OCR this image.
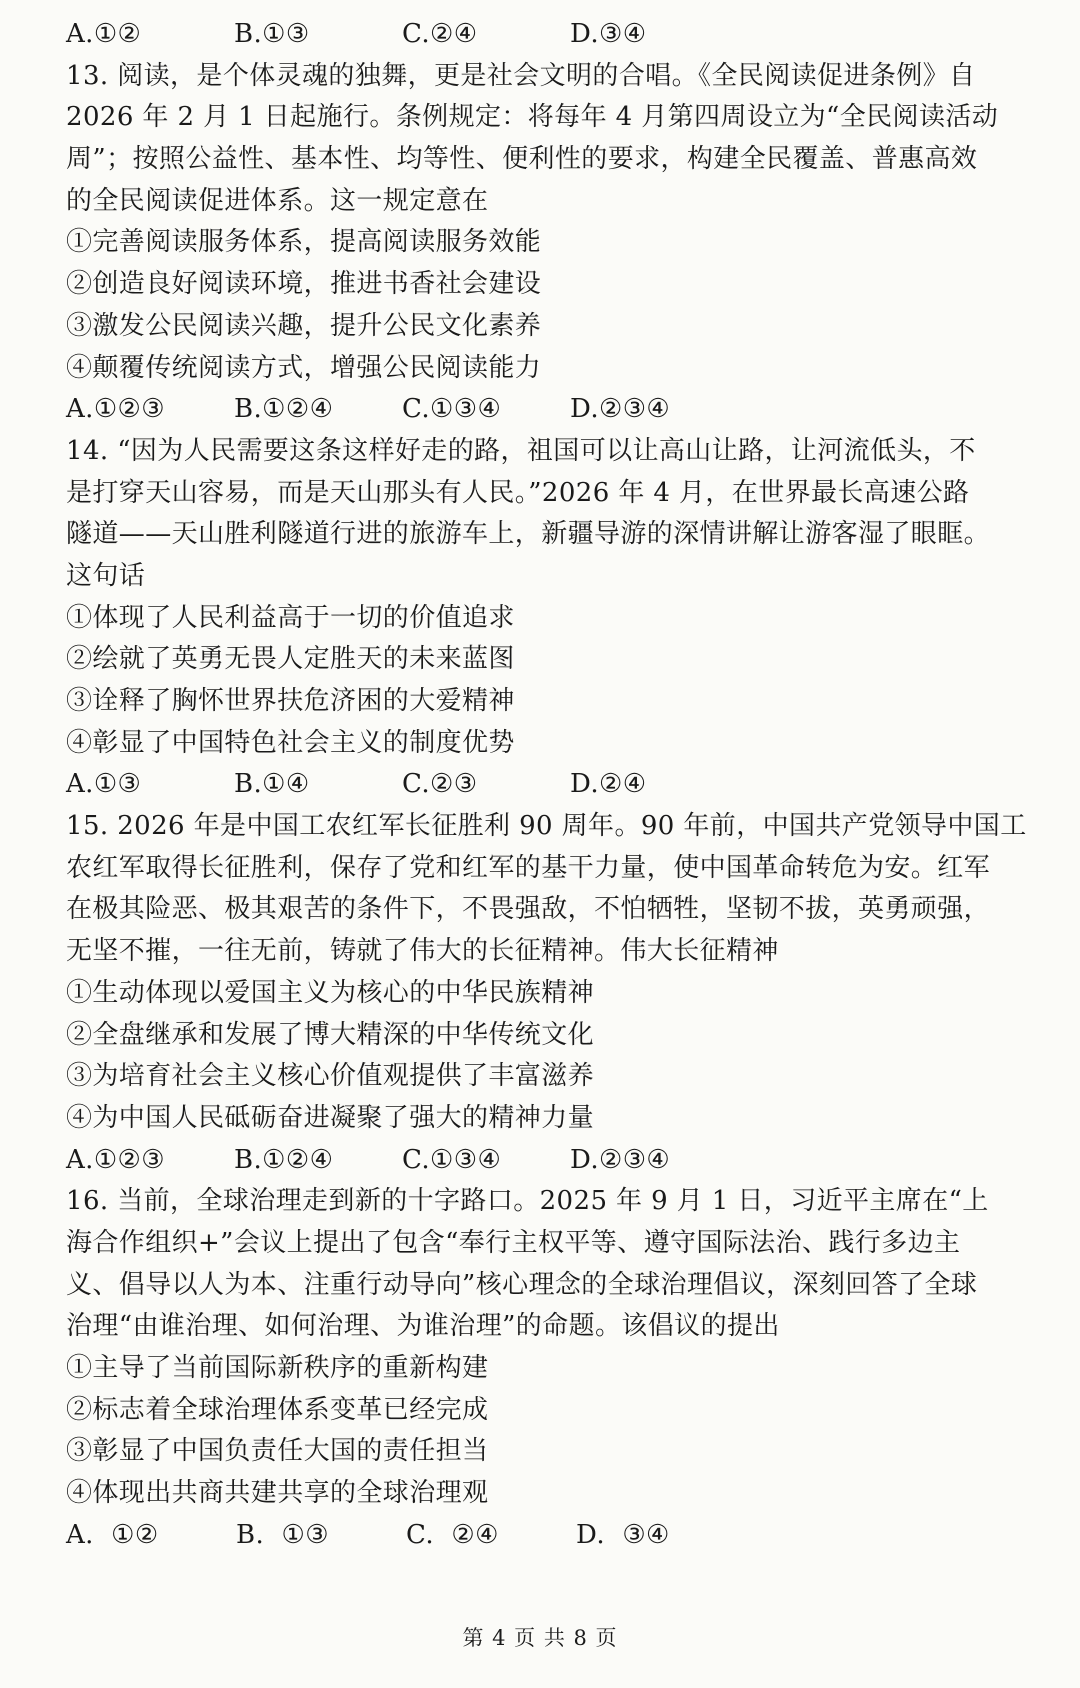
A.①②	B.①③	C.②④	D.③④
13. 阅读，是个体灵魂的独舞，更是社会文明的合唱。《全民阅读促进条例》自
2026 年 2 月 1 日起施行。条例规定：将每年 4 月第四周设立为“全民阅读活动
周”；按照公益性、基本性、均等性、便利性的要求，构建全民覆盖、普惠高效
的全民阅读促进体系。这一规定意在
①完善阅读服务体系，提高阅读服务效能
②创造良好阅读环境，推进书香社会建设
③激发公民阅读兴趣，提升公民文化素养
④颠覆传统阅读方式，增强公民阅读能力
A.①②③	B.①②④	C.①③④	D.②③④
14. “因为人民需要这条这样好走的路，祖国可以让高山让路，让河流低头，不
是打穿天山容易，而是天山那头有人民。”2026 年 4 月，在世界最长高速公路
隧道——天山胜利隧道行进的旅游车上，新疆导游的深情讲解让游客湿了眼眶。
这句话
①体现了人民利益高于一切的价值追求
②绘就了英勇无畏人定胜天的未来蓝图
③诠释了胸怀世界扶危济困的大爱精神
④彰显了中国特色社会主义的制度优势
A.①③	B.①④	C.②③	D.②④
15. 2026 年是中国工农红军长征胜利 90 周年。90 年前，中国共产党领导中国工
农红军取得长征胜利，保存了党和红军的基干力量，使中国革命转危为安。红军
在极其险恶、极其艰苦的条件下，不畏强敌，不怕牺牲，坚韧不拔，英勇顽强，
无坚不摧，一往无前，铸就了伟大的长征精神。伟大长征精神
①生动体现以爱国主义为核心的中华民族精神
②全盘继承和发展了博大精深的中华传统文化
③为培育社会主义核心价值观提供了丰富滋养
④为中国人民砥砺奋进凝聚了强大的精神力量
A.①②③	B.①②④	C.①③④	D.②③④
16. 当前，全球治理走到新的十字路口。2025 年 9 月 1 日，习近平主席在“上
海合作组织+”会议上提出了包含“奉行主权平等、遵守国际法治、践行多边主
义、倡导以人为本、注重行动导向”核心理念的全球治理倡议，深刻回答了全球
治理“由谁治理、如何治理、为谁治理”的命题。该倡议的提出
①主导了当前国际新秩序的重新构建
②标志着全球治理体系变革已经完成
③彰显了中国负责任大国的责任担当
④体现出共商共建共享的全球治理观
A.  ①②	B.  ①③	C.  ②④	D.  ③④
第 4 页 共 8 页
